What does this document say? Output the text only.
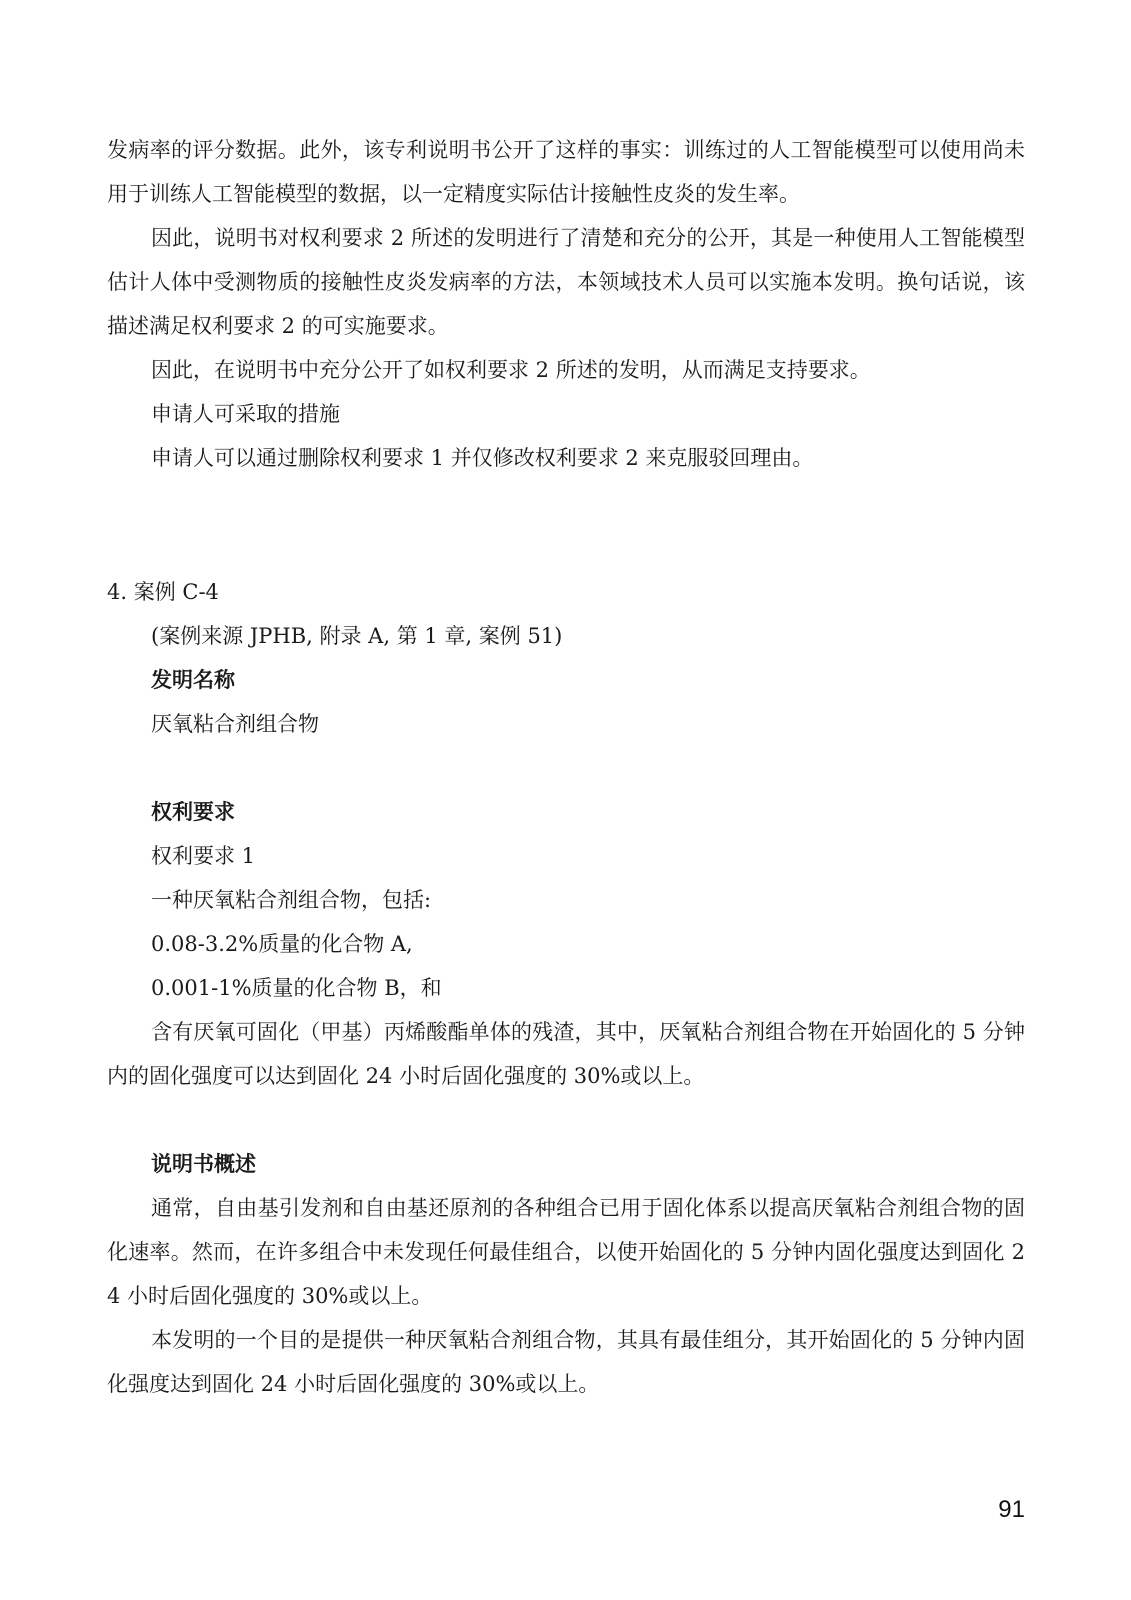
发病率的评分数据。此外，该专利说明书公开了这样的事实：训练过的人工智能模型可以使用尚未用于训练人工智能模型的数据，以一定精度实际估计接触性皮炎的发生率。

因此，说明书对权利要求 2 所述的发明进行了清楚和充分的公开，其是一种使用人工智能模型估计人体中受测物质的接触性皮炎发病率的方法，本领域技术人员可以实施本发明。换句话说，该描述满足权利要求 2 的可实施要求。

因此，在说明书中充分公开了如权利要求 2 所述的发明，从而满足支持要求。

申请人可采取的措施

申请人可以通过删除权利要求 1 并仅修改权利要求 2 来克服驳回理由。

4. 案例 C-4

(案例来源 JPHB, 附录 A, 第 1 章, 案例 51)

发明名称

厌氧粘合剂组合物

权利要求

权利要求 1

一种厌氧粘合剂组合物，包括:

0.08-3.2%质量的化合物 A,

0.001-1%质量的化合物 B，和

含有厌氧可固化（甲基）丙烯酸酯单体的残渣，其中，厌氧粘合剂组合物在开始固化的 5 分钟内的固化强度可以达到固化 24 小时后固化强度的 30%或以上。

说明书概述

通常，自由基引发剂和自由基还原剂的各种组合已用于固化体系以提高厌氧粘合剂组合物的固化速率。然而，在许多组合中未发现任何最佳组合，以使开始固化的 5 分钟内固化强度达到固化 24 小时后固化强度的 30%或以上。

本发明的一个目的是提供一种厌氧粘合剂组合物，其具有最佳组分，其开始固化的 5 分钟内固化强度达到固化 24 小时后固化强度的 30%或以上。

91
